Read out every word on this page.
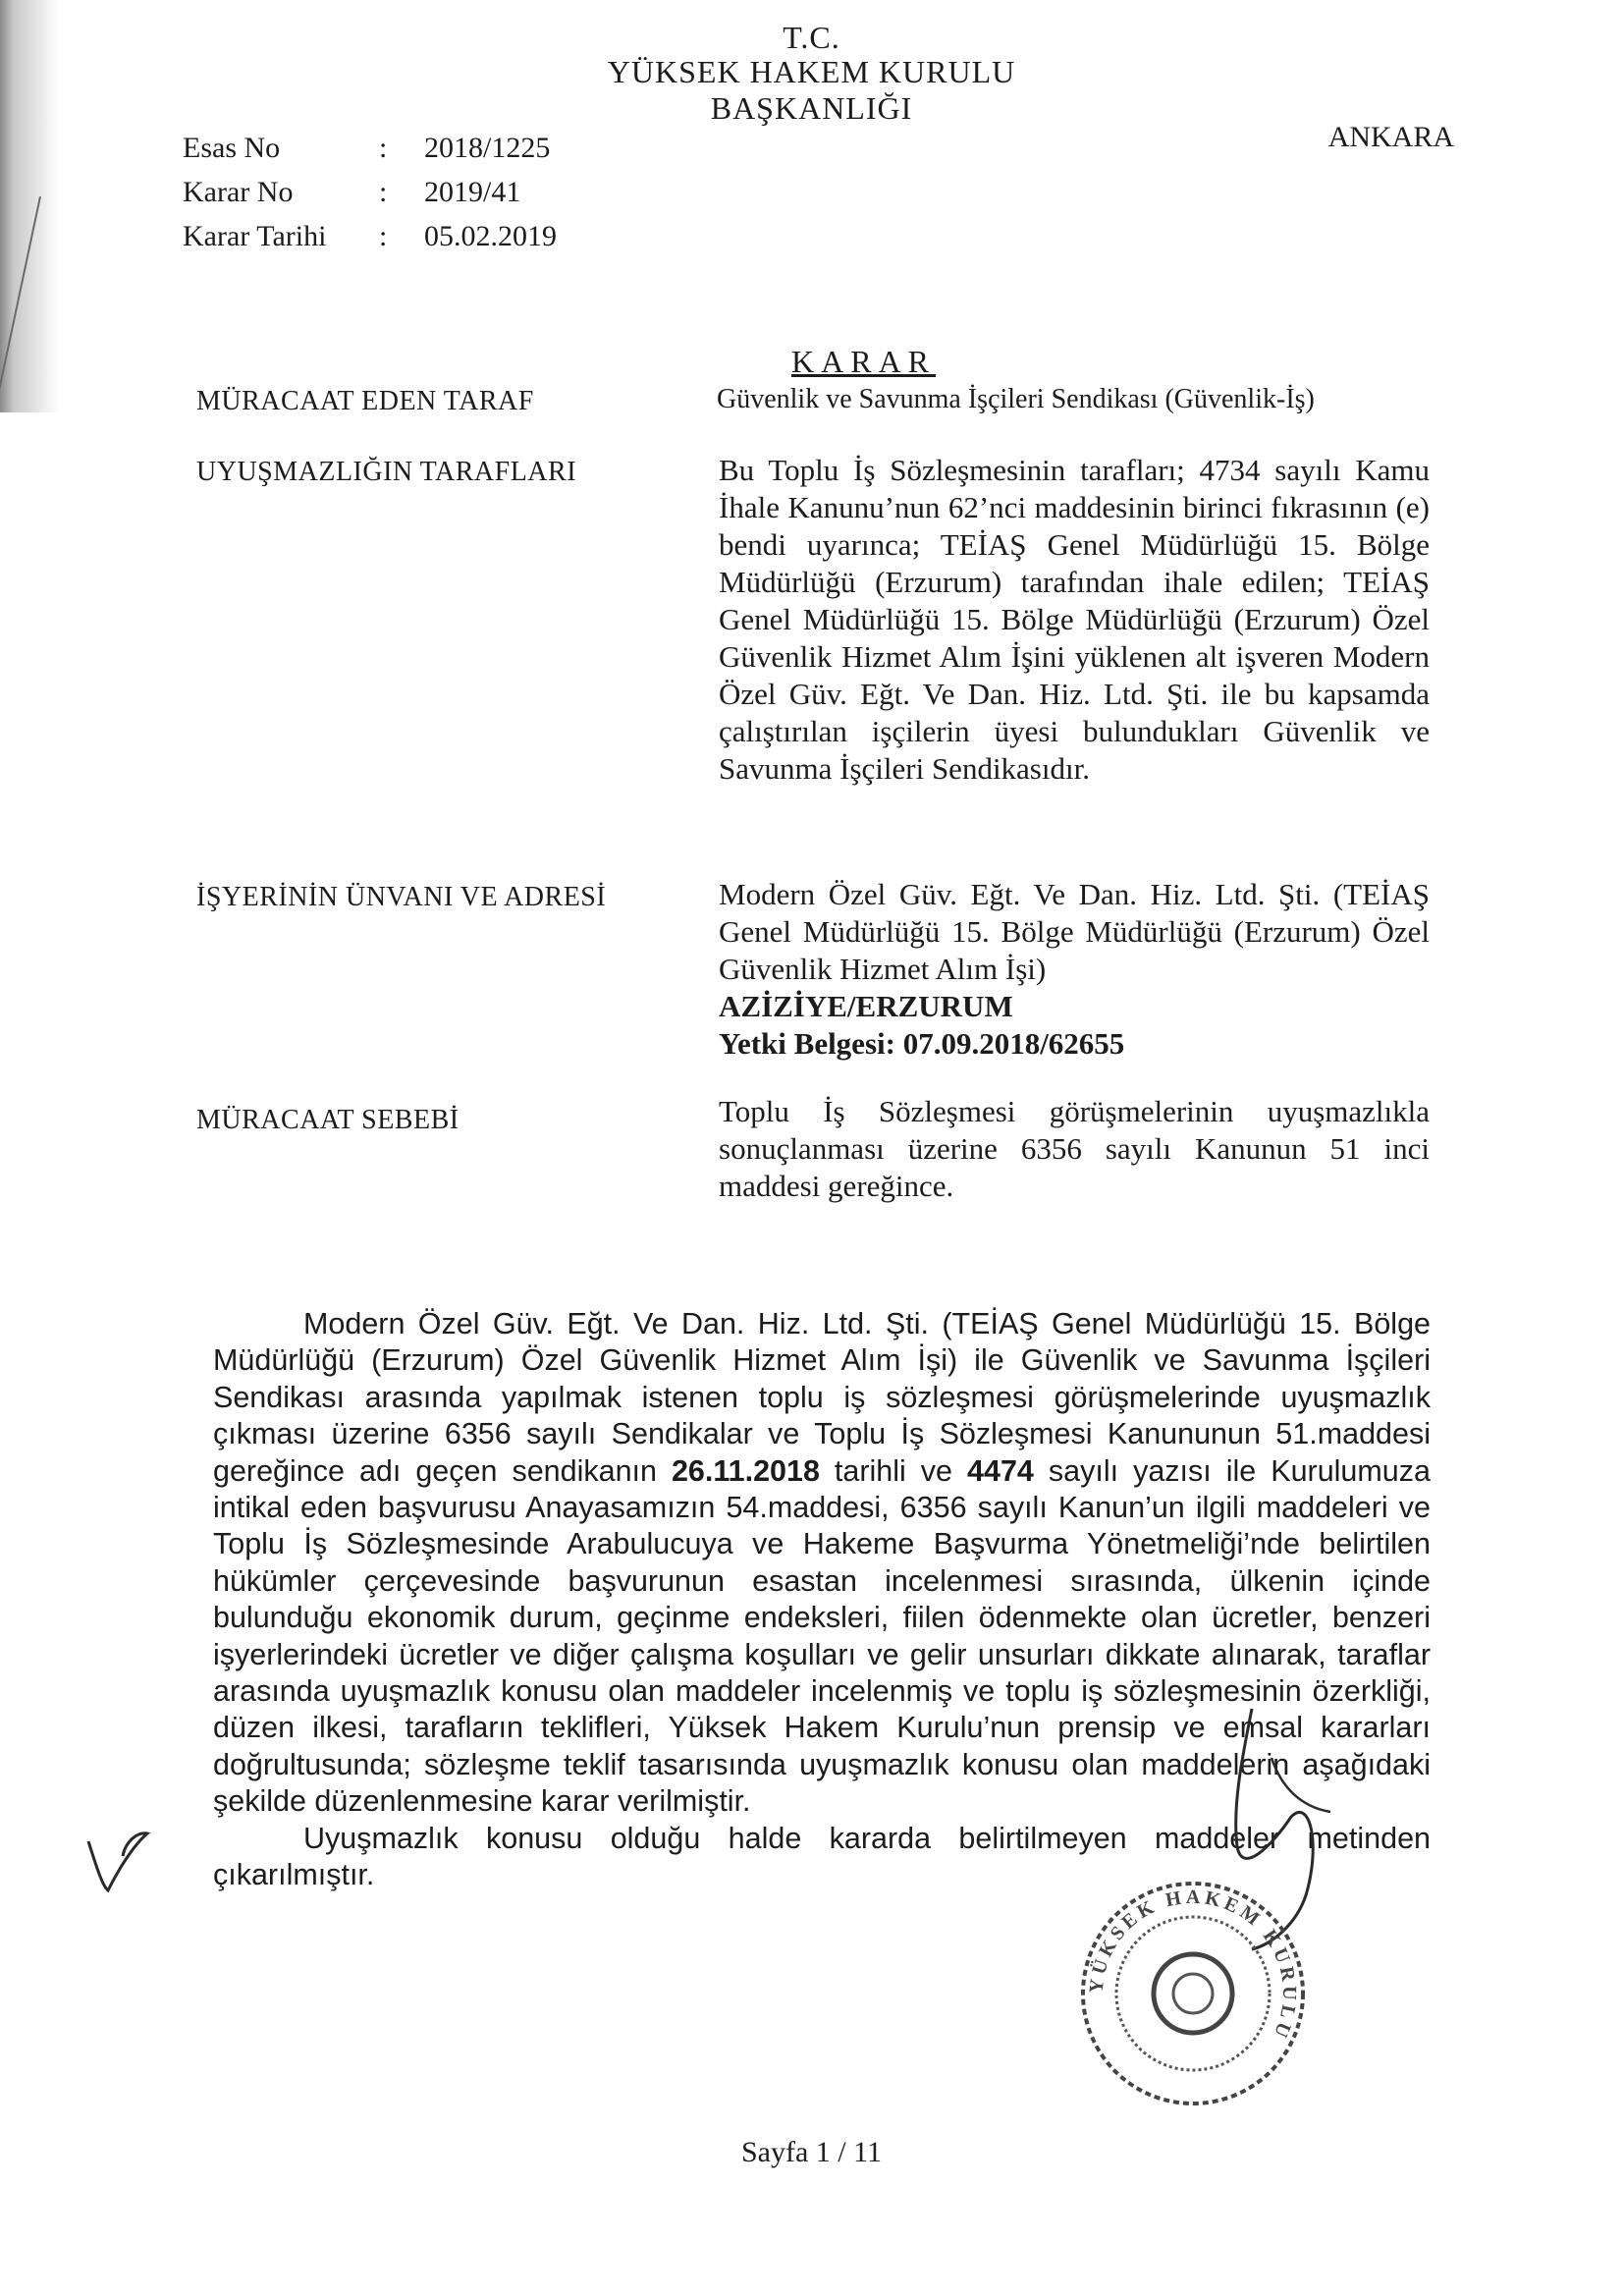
T.C.
YÜKSEK HAKEM KURULU
BAŞKANLIĞI
ANKARA
Esas No	:	2018/1225
Karar No	:	2019/41
Karar Tarihi	:	05.02.2019
KARAR
MÜRACAAT EDEN TARAF	Güvenlik ve Savunma İşçileri Sendikası (Güvenlik-İş)
UYUŞMAZLIĞIN TARAFLARI	Bu Toplu İş Sözleşmesinin tarafları; 4734 sayılı Kamu İhale Kanunu’nun 62’nci maddesinin birinci fıkrasının (e) bendi uyarınca; TEİAŞ Genel Müdürlüğü 15. Bölge Müdürlüğü (Erzurum) tarafından ihale edilen; TEİAŞ Genel Müdürlüğü 15. Bölge Müdürlüğü (Erzurum) Özel Güvenlik Hizmet Alım İşini yüklenen alt işveren Modern Özel Güv. Eğt. Ve Dan. Hiz. Ltd. Şti. ile bu kapsamda çalıştırılan işçilerin üyesi bulundukları Güvenlik ve Savunma İşçileri Sendikasıdır.
İŞYERİNİN ÜNVANI VE ADRESİ	Modern Özel Güv. Eğt. Ve Dan. Hiz. Ltd. Şti. (TEİAŞ Genel Müdürlüğü 15. Bölge Müdürlüğü (Erzurum) Özel Güvenlik Hizmet Alım İşi)
AZİZİYE/ERZURUM
Yetki Belgesi: 07.09.2018/62655
MÜRACAAT SEBEBİ	Toplu İş Sözleşmesi görüşmelerinin uyuşmazlıkla sonuçlanması üzerine 6356 sayılı Kanunun 51 inci maddesi gereğince.

Modern Özel Güv. Eğt. Ve Dan. Hiz. Ltd. Şti. (TEİAŞ Genel Müdürlüğü 15. Bölge Müdürlüğü (Erzurum) Özel Güvenlik Hizmet Alım İşi) ile Güvenlik ve Savunma İşçileri Sendikası arasında yapılmak istenen toplu iş sözleşmesi görüşmelerinde uyuşmazlık çıkması üzerine 6356 sayılı Sendikalar ve Toplu İş Sözleşmesi Kanununun 51.maddesi gereğince adı geçen sendikanın 26.11.2018 tarihli ve 4474 sayılı yazısı ile Kurulumuza intikal eden başvurusu Anayasamızın 54.maddesi, 6356 sayılı Kanun’un ilgili maddeleri ve Toplu İş Sözleşmesinde Arabulucuya ve Hakeme Başvurma Yönetmeliği’nde belirtilen hükümler çerçevesinde başvurunun esastan incelenmesi sırasında, ülkenin içinde bulunduğu ekonomik durum, geçinme endeksleri, fiilen ödenmekte olan ücretler, benzeri işyerlerindeki ücretler ve diğer çalışma koşulları ve gelir unsurları dikkate alınarak, taraflar arasında uyuşmazlık konusu olan maddeler incelenmiş ve toplu iş sözleşmesinin özerkliği, düzen ilkesi, tarafların teklifleri, Yüksek Hakem Kurulu’nun prensip ve emsal kararları doğrultusunda; sözleşme teklif tasarısında uyuşmazlık konusu olan maddelerin aşağıdaki şekilde düzenlenmesine karar verilmiştir.

Uyuşmazlık konusu olduğu halde kararda belirtilmeyen maddeler metinden çıkarılmıştır.

YÜKSEK HAKEM KURULU
Sayfa 1 / 11
